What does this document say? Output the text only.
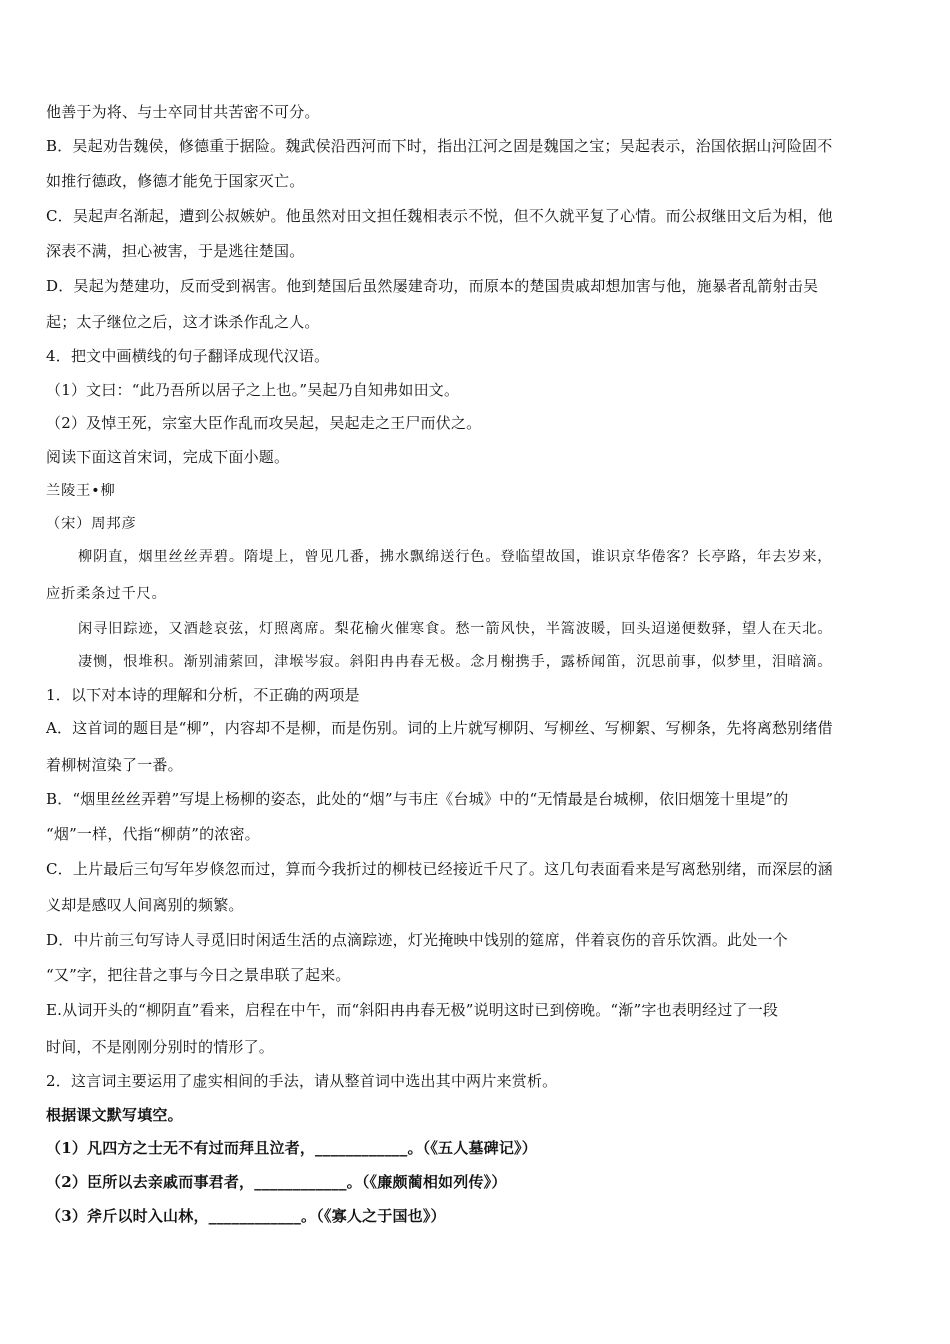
他善于为将、与士卒同甘共苦密不可分。
B．吴起劝告魏侯，修德重于据险。魏武侯沿西河而下时，指出江河之固是魏国之宝；吴起表示，治国依据山河险固不
如推行德政，修德才能免于国家灭亡。
C．吴起声名渐起，遭到公叔嫉妒。他虽然对田文担任魏相表示不悦，但不久就平复了心情。而公叔继田文后为相，他
深表不满，担心被害，于是逃往楚国。
D．吴起为楚建功，反而受到祸害。他到楚国后虽然屡建奇功，而原本的楚国贵戚却想加害与他，施暴者乱箭射击吴
起；太子继位之后，这才诛杀作乱之人。
4．把文中画横线的句子翻译成现代汉语。
（1）文曰：“此乃吾所以居子之上也。”吴起乃自知弗如田文。
（2）及悼王死，宗室大臣作乱而攻吴起，吴起走之王尸而伏之。
阅读下面这首宋词，完成下面小题。
兰陵王•柳
（宋）周邦彦
柳阴直，烟里丝丝弄碧。隋堤上，曾见几番，拂水飘绵送行色。登临望故国，谁识京华倦客？长亭路，年去岁来，
应折柔条过千尺。
闲寻旧踪迹，又酒趁哀弦，灯照离席。梨花榆火催寒食。愁一箭风快，半篙波暖，回头迢递便数驿，望人在天北。
凄恻，恨堆积。渐别浦萦回，津堠岑寂。斜阳冉冉春无极。念月榭携手，露桥闻笛，沉思前事，似梦里，泪暗滴。
1．以下对本诗的理解和分析，不正确的两项是
A．这首词的题目是“柳”，内容却不是柳，而是伤别。词的上片就写柳阴、写柳丝、写柳絮、写柳条，先将离愁别绪借
着柳树渲染了一番。
B．“烟里丝丝弄碧”写堤上杨柳的姿态，此处的“烟”与韦庄《台城》中的“无情最是台城柳，依旧烟笼十里堤”的
“烟”一样，代指“柳荫”的浓密。
C．上片最后三句写年岁倏忽而过，算而今我折过的柳枝已经接近千尺了。这几句表面看来是写离愁别绪，而深层的涵
义却是感叹人间离别的频繁。
D．中片前三句写诗人寻觅旧时闲适生活的点滴踪迹，灯光掩映中饯别的筵席，伴着哀伤的音乐饮酒。此处一个
“又”字，把往昔之事与今日之景串联了起来。
E.从词开头的“柳阴直”看来，启程在中午，而“斜阳冉冉春无极”说明这时已到傍晚。“渐”字也表明经过了一段
时间，不是刚刚分别时的情形了。
2．这言词主要运用了虚实相间的手法，请从整首词中选出其中两片来赏析。
根据课文默写填空。
（1）凡四方之士无不有过而拜且泣者，____________。（《五人墓碑记》）
（2）臣所以去亲戚而事君者，____________。（《廉颇蔺相如列传》）
（3）斧斤以时入山林，____________。（《寡人之于国也》）
